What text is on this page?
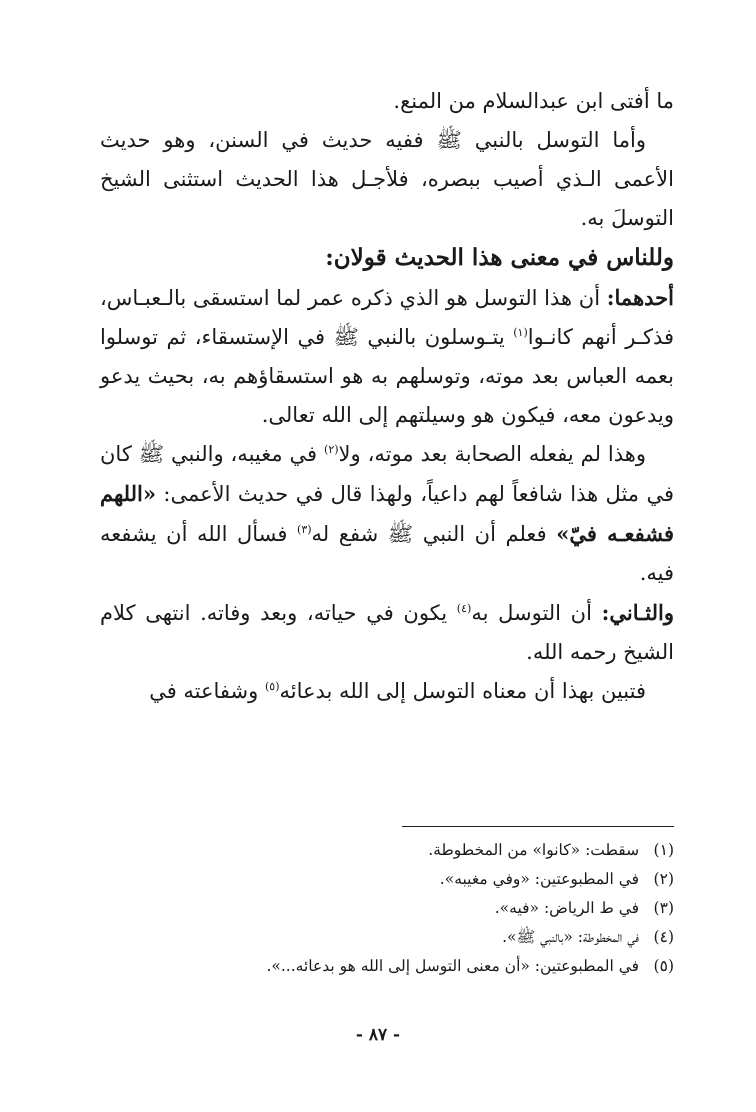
ما أفتى ابن عبدالسلام من المنع.

وأما التوسل بالنبي ﷺ ففيه حديث في السنن، وهو حديث الأعمى الـذي أصيب ببصره، فلأجـل هذا الحديث استثنى الشيخ التوسلَ به.

وللناس في معنى هذا الحديث قولان:

أحدهما: أن هذا التوسل هو الذي ذكره عمر لما استسقى بالـعبـاس، فذكـر أنهم كانـوا$^{(١)}$ يتـوسلون بالنبي ﷺ في الإستسقاء، ثم توسلوا بعمه العباس بعد موته، وتوسلهم به هو استسقاؤهم به، بحيث يدعو ويدعون معه، فيكون هو وسيلتهم إلى الله تعالى.

وهذا لم يفعله الصحابة بعد موته، ولا$^{(٢)}$ في مغيبه، والنبي ﷺ كان في مثل هذا شافعاً لهم داعياً، ولهذا قال في حديث الأعمى: «اللهم فشفعـه فيّ» فعلم أن النبي ﷺ شفع له$^{(٣)}$ فسأل الله أن يشفعه فيه.

والثـاني: أن التوسل به$^{(٤)}$ يكون في حياته، وبعد وفاته. انتهى كلام الشيخ رحمه الله.

فتبين بهذا أن معناه التوسل إلى الله بدعائه$^{(٥)}$ وشفاعته في

(١) سقطت: «كانوا» من المخطوطة.
(٢) في المطبوعتين: «وفي مغيبه».
(٣) في ط الرياض: «فيه».
(٤) في المخطوطة: «بالنبي ﷺ».
(٥) في المطبوعتين: «أن معنى التوسل إلى الله هو بدعائه...».
- ٨٧ -
